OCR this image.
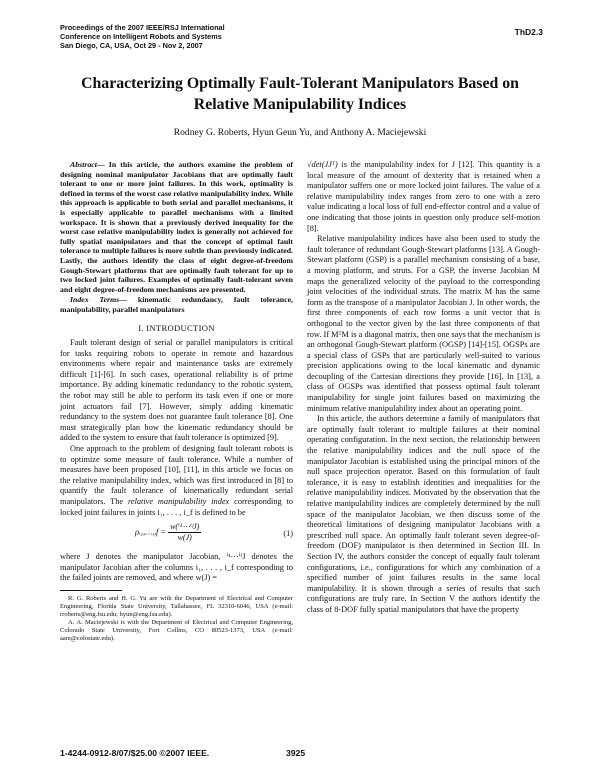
Proceedings of the 2007 IEEE/RSJ International
Conference on Intelligent Robots and Systems
San Diego, CA, USA, Oct 29 - Nov 2, 2007
ThD2.3
Characterizing Optimally Fault-Tolerant Manipulators Based on
Relative Manipulability Indices
Rodney G. Roberts, Hyun Geun Yu, and Anthony A. Maciejewski

Abstract— In this article, the authors examine the problem of designing nominal manipulator Jacobians that are optimally fault tolerant to one or more joint failures. In this work, optimality is defined in terms of the worst case relative manipulability index. While this approach is applicable to both serial and parallel mechanisms, it is especially applicable to parallel mechanisms with a limited workspace. It is shown that a previously derived inequality for the worst case relative manipulability index is generally not achieved for fully spatial manipulators and that the concept of optimal fault tolerance to multiple failures is more subtle than previously indicated. Lastly, the authors identify the class of eight degree-of-freedom Gough-Stewart platforms that are optimally fault tolerant for up to two locked joint failures. Examples of optimally fault-tolerant seven and eight degree-of-freedom mechanisms are presented.

Index Terms— kinematic redundancy, fault tolerance, manipulability, parallel manipulators

I. INTRODUCTION

Fault tolerant design of serial or parallel manipulators is critical for tasks requiring robots to operate in remote and hazardous environments where repair and maintenance tasks are extremely difficult [1]-[6]. In such cases, operational reliability is of prime importance. By adding kinematic redundancy to the robotic system, the robot may still be able to perform its task even if one or more joint actuators fail [7]. However, simply adding kinematic redundancy to the system does not guarantee fault tolerance [8]. One must strategically plan how the kinematic redundancy should be added to the system to ensure that fault tolerance is optimized [9].

One approach to the problem of designing fault tolerant robots is to optimize some measure of fault tolerance. While a number of measures have been proposed [10], [11], in this article we focus on the relative manipulability index, which was first introduced in [8] to quantify the fault tolerance of kinematically redundant serial manipulators. The relative manipulability index corresponding to locked joint failures in joints i₁, . . . , i_f is defined to be

ρᵢ₁,…,ᵢf = $\frac{\text{w(ⁱ¹⋯ⁱᶠJ)}}{w(J)}$	(1)

where J denotes the manipulator Jacobian, ⁱ¹⋯ⁱᶠJ denotes the manipulator Jacobian after the columns i₁, . . . , i_f corresponding to the failed joints are removed, and where w(J) =

R. G. Roberts and H. G. Yu are with the Department of Electrical and Computer Engineering, Florida State University, Tallahassee, FL 32310-6046, USA (e-mail: rroberts@eng.fsu.edu; hyun@eng.fsu.edu).

A. A. Maciejewski is with the Department of Electrical and Computer Engineering, Colorado State University, Fort Collins, CO 80523-1373, USA (e-mail: aam@colostate.edu).

√det(JJᵀ) is the manipulability index for J [12]. This quantity is a local measure of the amount of dexterity that is retained when a manipulator suffers one or more locked joint failures. The value of a relative manipulability index ranges from zero to one with a zero value indicating a local loss of full end-effector control and a value of one indicating that those joints in question only produce self-motion [8].

Relative manipulability indices have also been used to study the fault tolerance of redundant Gough-Stewart platforms [13]. A Gough-Stewart platform (GSP) is a parallel mechanism consisting of a base, a moving platform, and struts. For a GSP, the inverse Jacobian M maps the generalized velocity of the payload to the corresponding joint velocities of the individual struts. The matrix M has the same form as the transpose of a manipulator Jacobian J. In other words, the first three components of each row forms a unit vector that is orthogonal to the vector given by the last three components of that row. If MᵀM is a diagonal matrix, then one says that the mechanism is an orthogonal Gough-Stewart platform (OGSP) [14]-[15]. OGSPs are a special class of GSPs that are particularly well-suited to various precision applications owing to the local kinematic and dynamic decoupling of the Cartesian directions they provide [16]. In [13], a class of OGSPs was identified that possess optimal fault tolerant manipulability for single joint failures based on maximizing the minimum relative manipulability index about an operating point.

In this article, the authors determine a family of manipulators that are optimally fault tolerant to multiple failures at their nominal operating configuration. In the next section, the relationship between the relative manipulability indices and the null space of the manipulator Jacobian is established using the principal minors of the null space projection operator. Based on this formulation of fault tolerance, it is easy to establish identities and inequalities for the relative manipulability indices. Motivated by the observation that the relative manipulability indices are completely determined by the null space of the manipulator Jacobian, we then discuss some of the theoretical limitations of designing manipulator Jacobians with a prescribed null space. An optimally fault tolerant seven degree-of-freedom (DOF) manipulator is then determined in Section III. In Section IV, the authors consider the concept of equally fault tolerant configurations, i.e., configurations for which any combination of a specified number of joint failures results in the same local manipulability. It is shown through a series of results that such configurations are truly rare. In Section V the authors identify the class of 8-DOF fully spatial manipulators that have the property

1-4244-0912-8/07/$25.00 ©2007 IEEE.	3925
